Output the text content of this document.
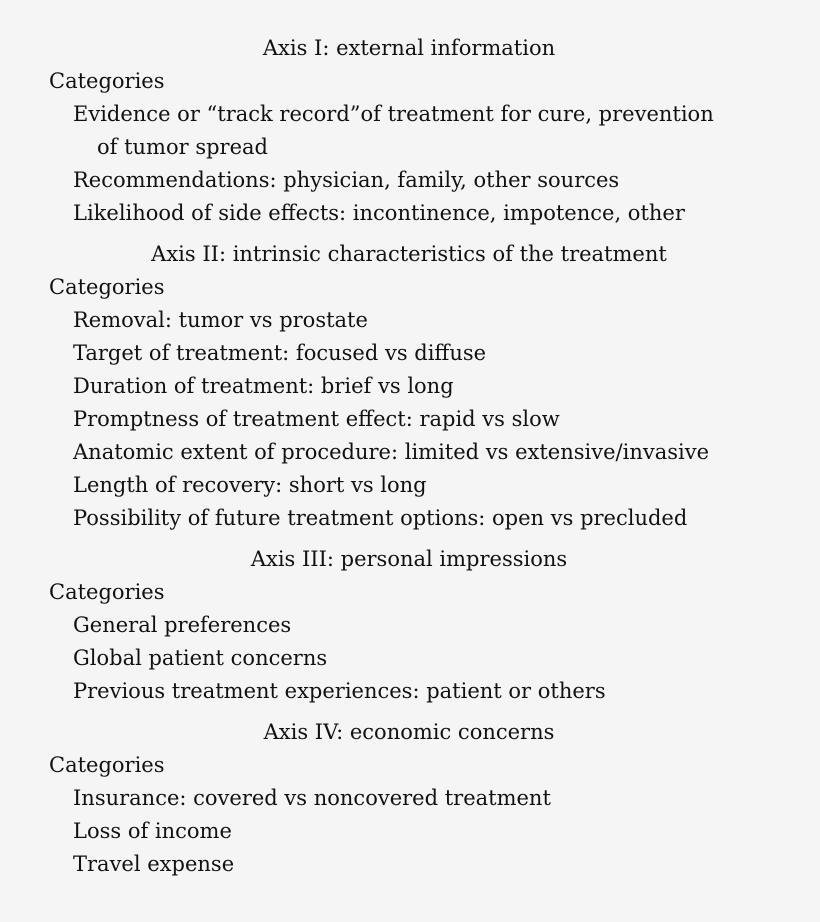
Axis I: external information
Categories
Evidence or “track record”of treatment for cure, prevention
of tumor spread
Recommendations: physician, family, other sources
Likelihood of side effects: incontinence, impotence, other
Axis II: intrinsic characteristics of the treatment
Categories
Removal: tumor vs prostate
Target of treatment: focused vs diffuse
Duration of treatment: brief vs long
Promptness of treatment effect: rapid vs slow
Anatomic extent of procedure: limited vs extensive/invasive
Length of recovery: short vs long
Possibility of future treatment options: open vs precluded
Axis III: personal impressions
Categories
General preferences
Global patient concerns
Previous treatment experiences: patient or others
Axis IV: economic concerns
Categories
Insurance: covered vs noncovered treatment
Loss of income
Travel expense
